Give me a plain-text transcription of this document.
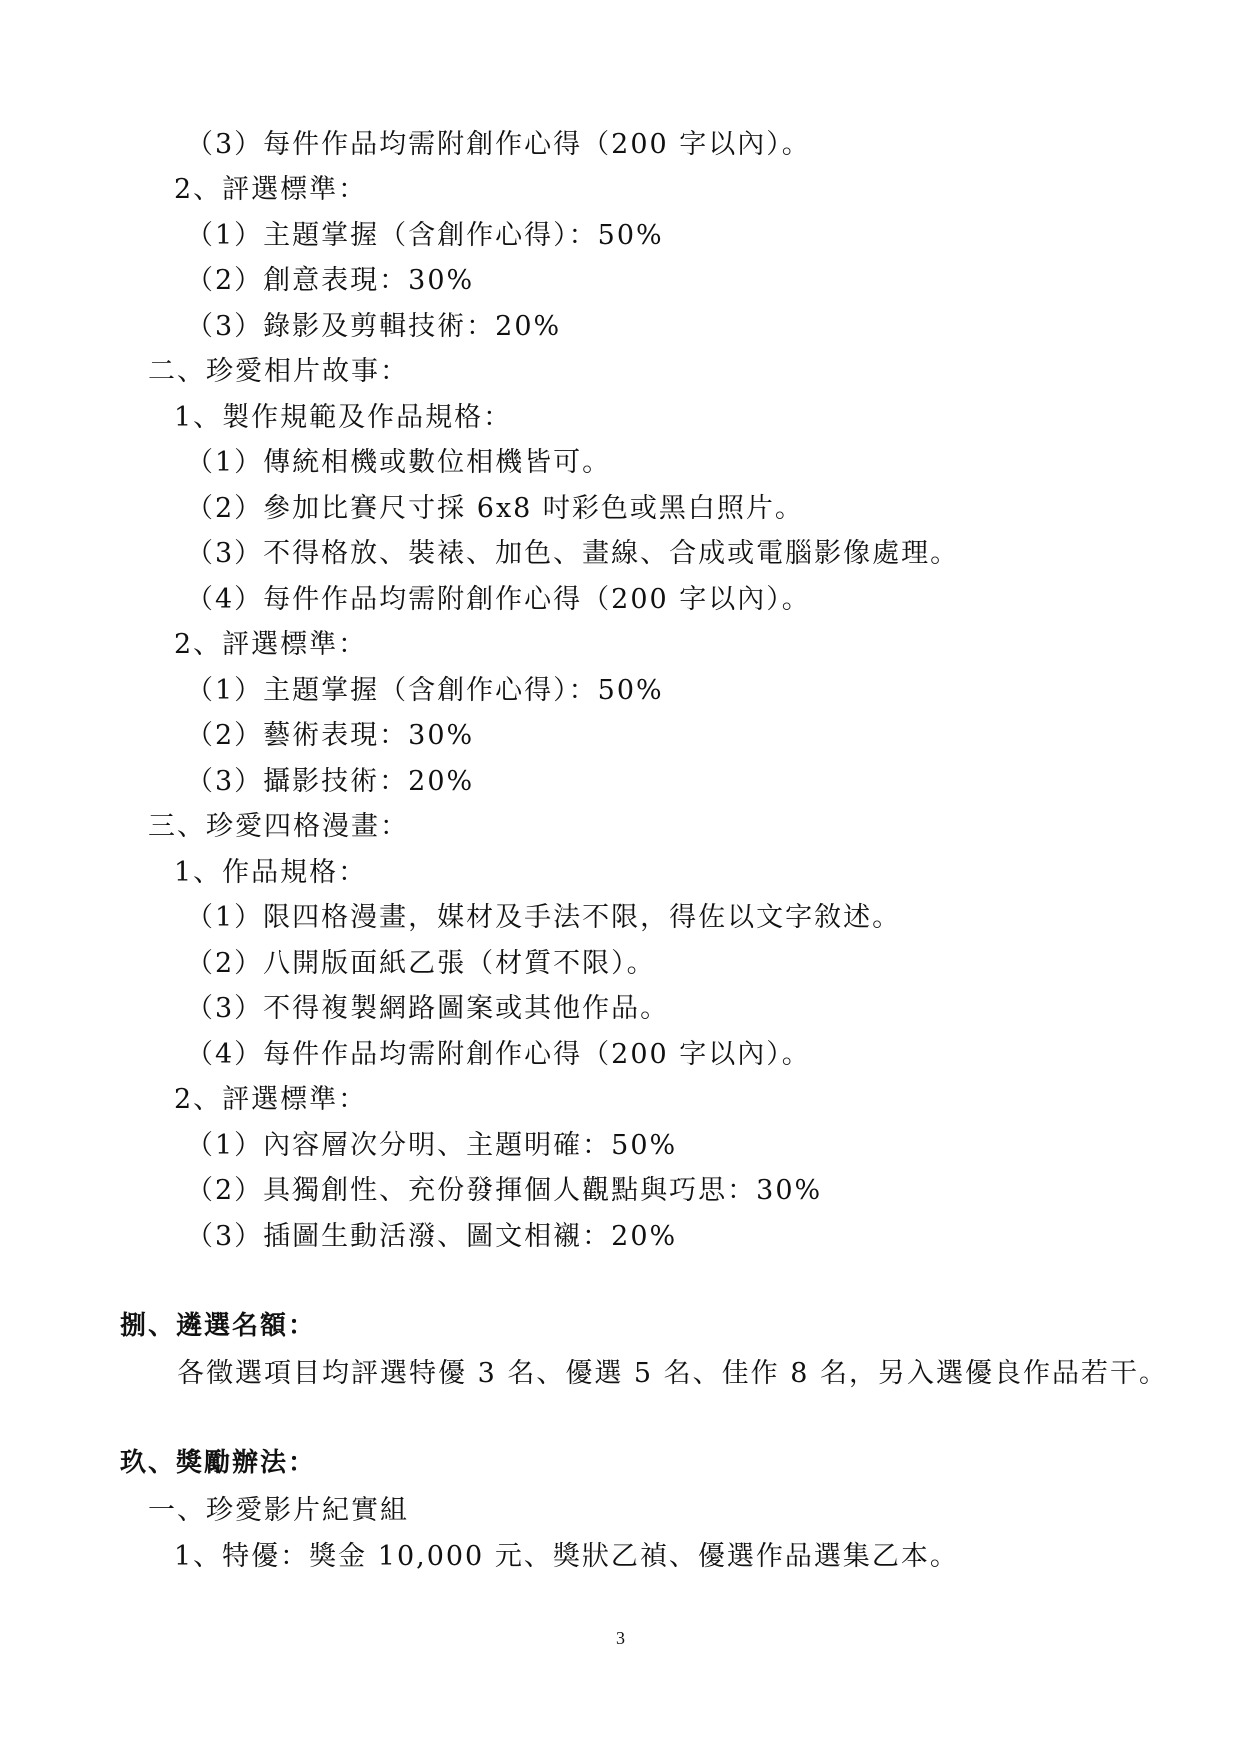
（3）每件作品均需附創作心得（200 字以內）。
2、評選標準：
（1）主題掌握（含創作心得）：50%
（2）創意表現：30%
（3）錄影及剪輯技術：20%
二、珍愛相片故事：
1、製作規範及作品規格：
（1）傳統相機或數位相機皆可。
（2）參加比賽尺寸採 6x8 吋彩色或黑白照片。
（3）不得格放、裝裱、加色、畫線、合成或電腦影像處理。
（4）每件作品均需附創作心得（200 字以內）。
2、評選標準：
（1）主題掌握（含創作心得）：50%
（2）藝術表現：30%
（3）攝影技術：20%
三、珍愛四格漫畫：
1、作品規格：
（1）限四格漫畫，媒材及手法不限，得佐以文字敘述。
（2）八開版面紙乙張（材質不限）。
（3）不得複製網路圖案或其他作品。
（4）每件作品均需附創作心得（200 字以內）。
2、評選標準：
（1）內容層次分明、主題明確：50%
（2）具獨創性、充份發揮個人觀點與巧思：30%
（3）插圖生動活潑、圖文相襯：20%
捌、遴選名額：
各徵選項目均評選特優 3 名、優選 5 名、佳作 8 名，另入選優良作品若干。
玖、獎勵辦法：
一、珍愛影片紀實組
1、特優：獎金 10,000 元、獎狀乙禎、優選作品選集乙本。
3
